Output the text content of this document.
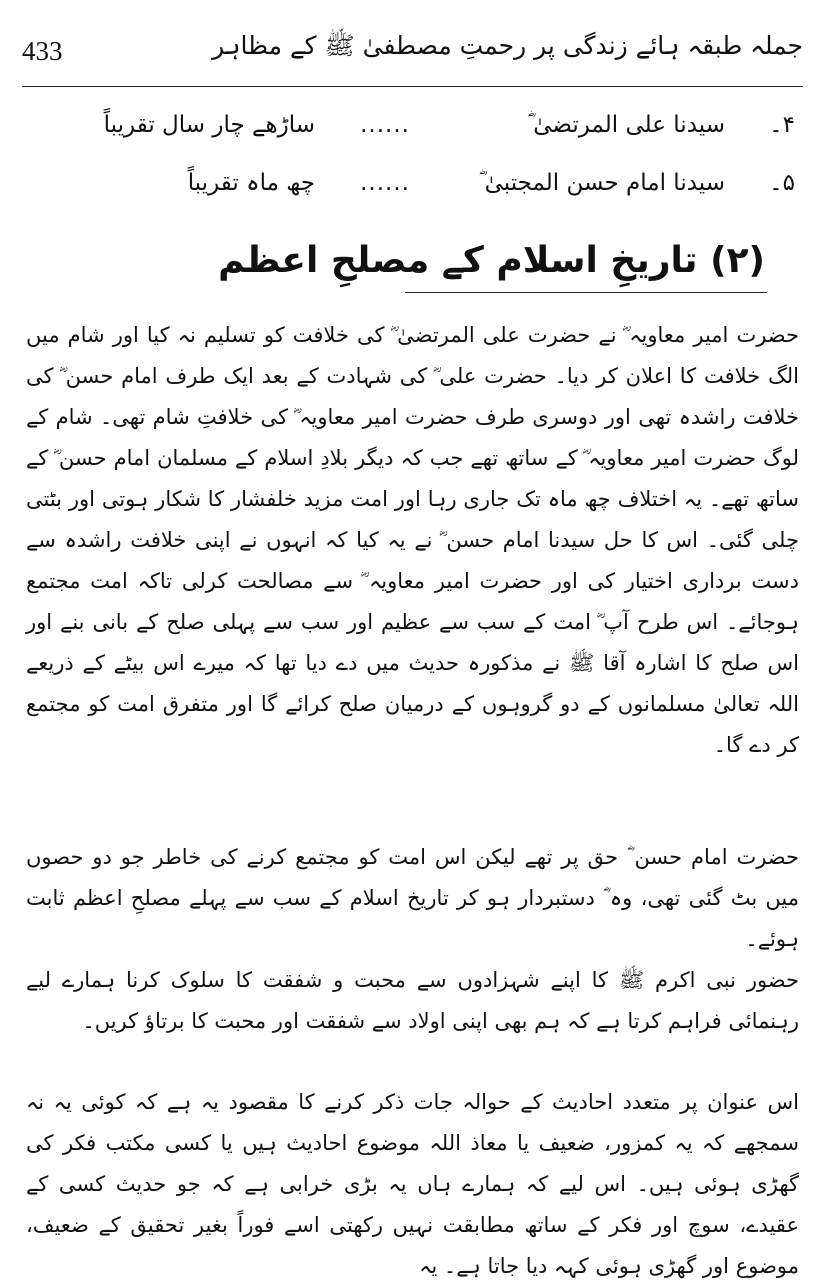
جملہ طبقہ ہائے زندگی پر رحمتِ مصطفیٰ ﷺ کے مظاہر
433
۴۔
سیدنا علی المرتضیٰ ؓ
......
ساڑھے چار سال تقریباً
۵۔
سیدنا امام حسن المجتبیٰ ؓ
......
چھ ماہ تقریباً
(۲) تاریخِ اسلام کے مصلحِ اعظم
حضرت امیر معاویہ ؓ نے حضرت علی المرتضیٰ ؓ کی خلافت کو تسلیم نہ کیا اور شام میں الگ خلافت کا اعلان کر دیا۔ حضرت علی ؓ کی شہادت کے بعد ایک طرف امام حسن ؓ کی خلافت راشدہ تھی اور دوسری طرف حضرت امیر معاویہ ؓ کی خلافتِ شام تھی۔ شام کے لوگ حضرت امیر معاویہ ؓ کے ساتھ تھے جب کہ دیگر بلادِ اسلام کے مسلمان امام حسن ؓ کے ساتھ تھے۔ یہ اختلاف چھ ماہ تک جاری رہا اور امت مزید خلفشار کا شکار ہوتی اور بٹتی چلی گئی۔ اس کا حل سیدنا امام حسن ؓ نے یہ کیا کہ انہوں نے اپنی خلافت راشدہ سے دست برداری اختیار کی اور حضرت امیر معاویہ ؓ سے مصالحت کرلی تاکہ امت مجتمع ہوجائے۔ اس طرح آپ ؓ امت کے سب سے عظیم اور سب سے پہلی صلح کے بانی بنے اور اس صلح کا اشارہ آقا ﷺ نے مذکورہ حدیث میں دے دیا تھا کہ میرے اس بیٹے کے ذریعے اللہ تعالیٰ مسلمانوں کے دو گروہوں کے درمیان صلح کرائے گا اور متفرق امت کو مجتمع کر دے گا۔
حضرت امام حسن ؓ حق پر تھے لیکن اس امت کو مجتمع کرنے کی خاطر جو دو حصوں میں بٹ گئی تھی، وہ ؓ دستبردار ہو کر تاریخ اسلام کے سب سے پہلے مصلحِ اعظم ثابت ہوئے۔
حضور نبی اکرم ﷺ کا اپنے شہزادوں سے محبت و شفقت کا سلوک کرنا ہمارے لیے رہنمائی فراہم کرتا ہے کہ ہم بھی اپنی اولاد سے شفقت اور محبت کا برتاؤ کریں۔
اس عنوان پر متعدد احادیث کے حوالہ جات ذکر کرنے کا مقصود یہ ہے کہ کوئی یہ نہ سمجھے کہ یہ کمزور، ضعیف یا معاذ اللہ موضوع احادیث ہیں یا کسی مکتب فکر کی گھڑی ہوئی ہیں۔ اس لیے کہ ہمارے ہاں یہ بڑی خرابی ہے کہ جو حدیث کسی کے عقیدے، سوچ اور فکر کے ساتھ مطابقت نہیں رکھتی اسے فوراً بغیر تحقیق کے ضعیف، موضوع اور گھڑی ہوئی کہہ دیا جاتا ہے۔ یہ
